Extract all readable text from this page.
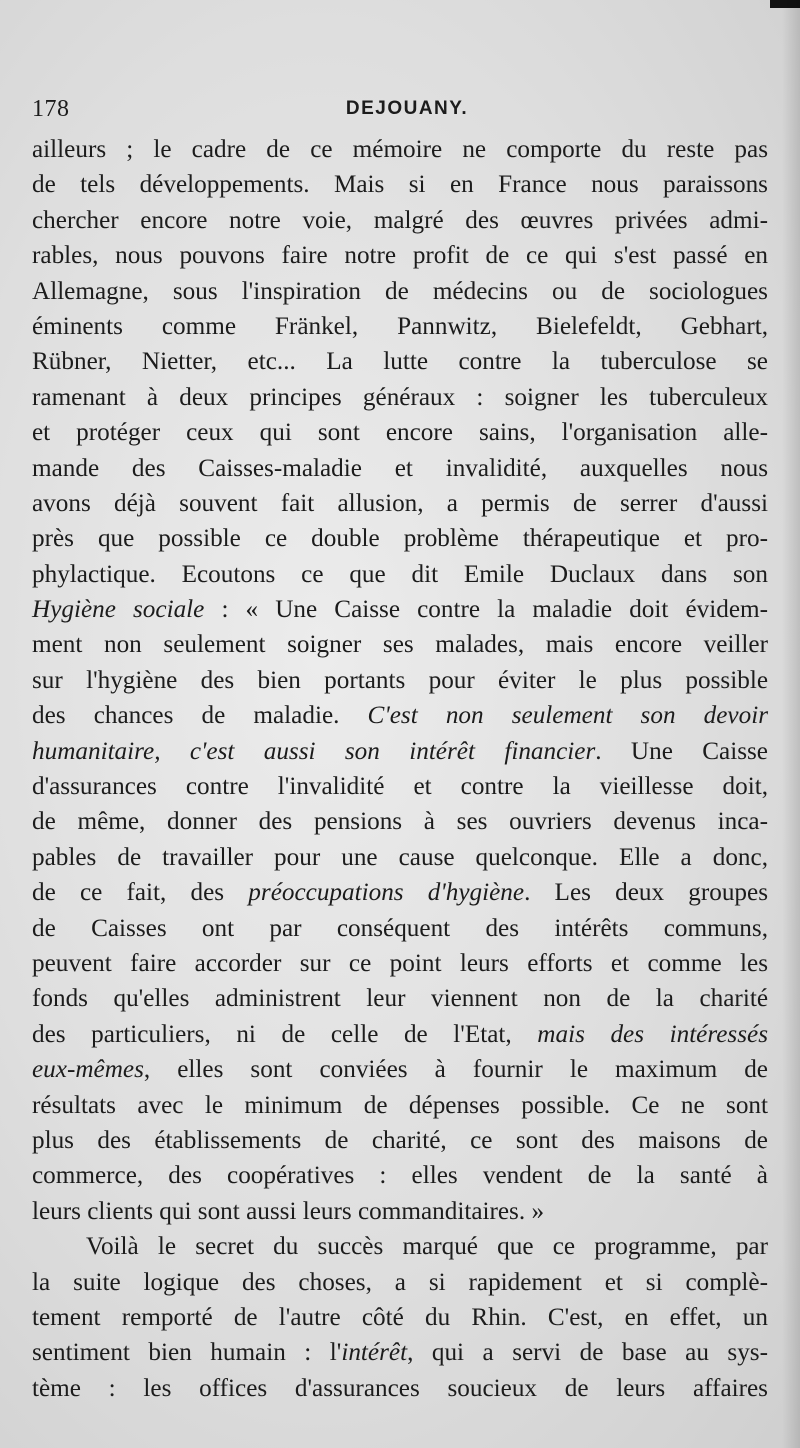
178	DEJOUANY.
ailleurs ; le cadre de ce mémoire ne comporte du reste pas
de tels développements. Mais si en France nous paraissons
chercher encore notre voie, malgré des œuvres privées admi-
rables, nous pouvons faire notre profit de ce qui s'est passé en
Allemagne, sous l'inspiration de médecins ou de sociologues
éminents comme Fränkel, Pannwitz, Bielefeldt, Gebhart,
Rübner, Nietter, etc... La lutte contre la tuberculose se
ramenant à deux principes généraux : soigner les tuberculeux
et protéger ceux qui sont encore sains, l'organisation alle-
mande des Caisses-maladie et invalidité, auxquelles nous
avons déjà souvent fait allusion, a permis de serrer d'aussi
près que possible ce double problème thérapeutique et pro-
phylactique. Ecoutons ce que dit Emile Duclaux dans son
Hygiène sociale : « Une Caisse contre la maladie doit évidem-
ment non seulement soigner ses malades, mais encore veiller
sur l'hygiène des bien portants pour éviter le plus possible
des chances de maladie. C'est non seulement son devoir
humanitaire, c'est aussi son intérêt financier. Une Caisse
d'assurances contre l'invalidité et contre la vieillesse doit,
de même, donner des pensions à ses ouvriers devenus inca-
pables de travailler pour une cause quelconque. Elle a donc,
de ce fait, des préoccupations d'hygiène. Les deux groupes
de Caisses ont par conséquent des intérêts communs,
peuvent faire accorder sur ce point leurs efforts et comme les
fonds qu'elles administrent leur viennent non de la charité
des particuliers, ni de celle de l'Etat, mais des intéressés
eux-mêmes, elles sont conviées à fournir le maximum de
résultats avec le minimum de dépenses possible. Ce ne sont
plus des établissements de charité, ce sont des maisons de
commerce, des coopératives : elles vendent de la santé à
leurs clients qui sont aussi leurs commanditaires. »
Voilà le secret du succès marqué que ce programme, par
la suite logique des choses, a si rapidement et si complè-
tement remporté de l'autre côté du Rhin. C'est, en effet, un
sentiment bien humain : l'intérêt, qui a servi de base au sys-
tème : les offices d'assurances soucieux de leurs affaires
